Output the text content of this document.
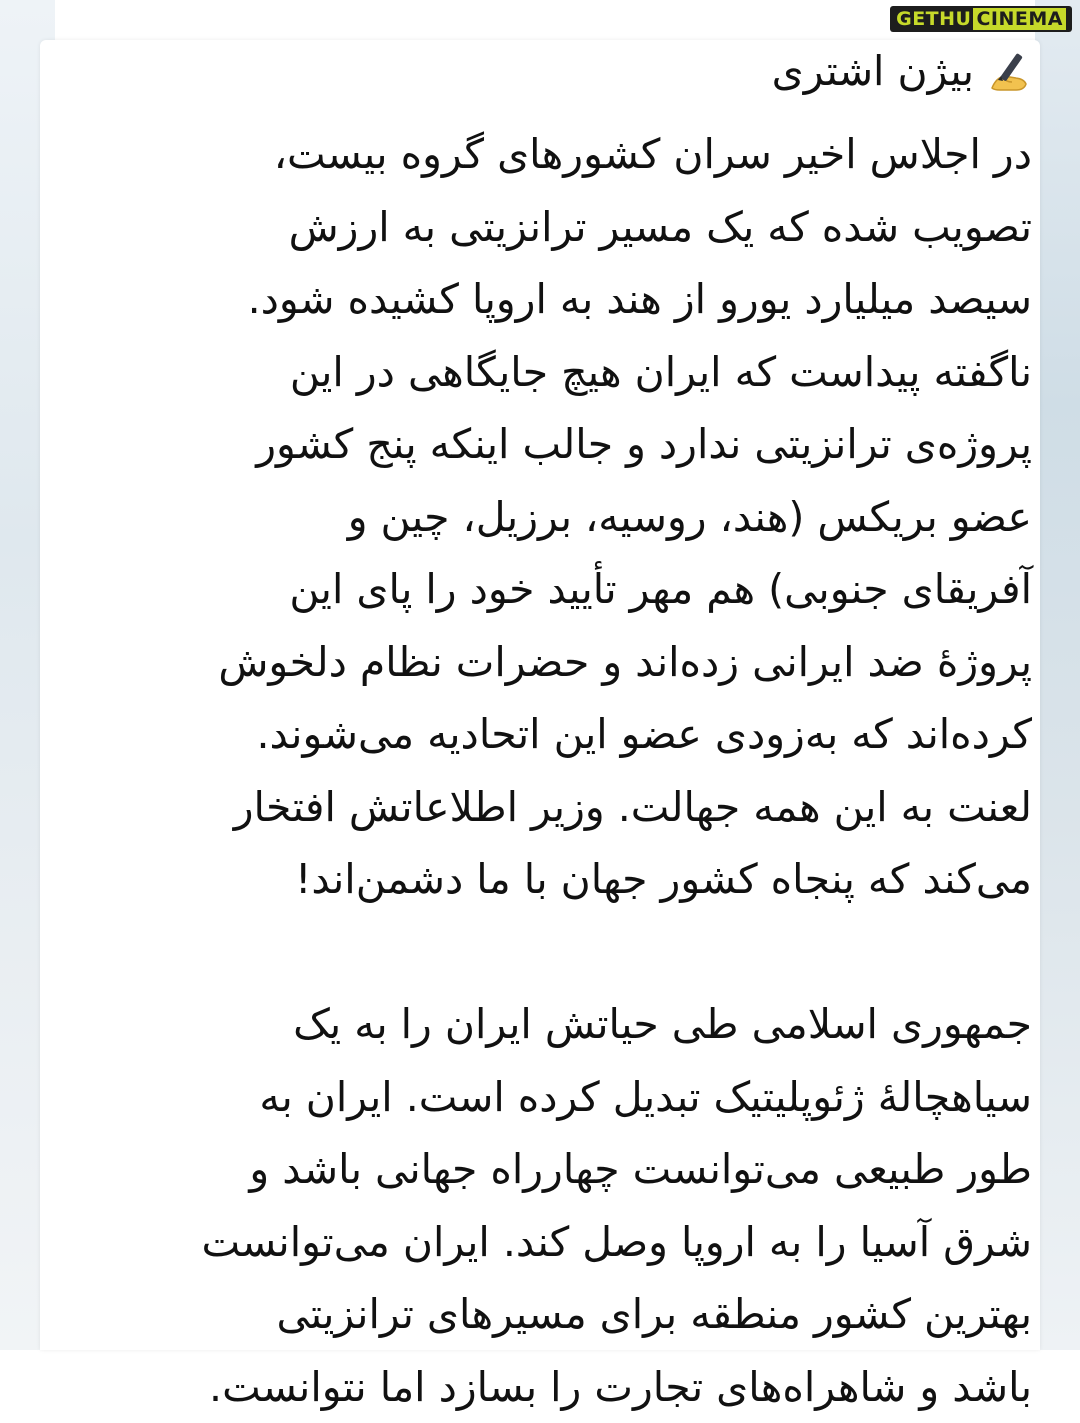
GETHU CINEMA
بیژن اشتری
در اجلاس اخیر سران کشورهای گروه بیست،
تصویب شده که یک مسیر ترانزیتی به ارزش
سیصد میلیارد یورو از هند به اروپا کشیده شود.
ناگفته پیداست که ایران هیچ جایگاهی در این
پروژه‌ی ترانزیتی ندارد و جالب اینکه پنج کشور
عضو بریکس (هند، روسیه، برزیل، چین و
آفریقای جنوبی) هم مهر تأیید خود را پای این
پروژهٔ ضد ایرانی زده‌اند و حضرات نظام دلخوش
کرده‌اند که به‌زودی عضو این اتحادیه می‌شوند.
لعنت به این همه جهالت. وزیر اطلاعاتش افتخار
می‌کند که پنجاه کشور جهان با ما دشمن‌اند!
جمهوری اسلامی طی حیاتش ایران را به یک
سیاهچالهٔ ژئوپلیتیک تبدیل کرده است. ایران به
طور طبیعی می‌توانست چهارراه جهانی باشد و
شرق آسیا را به اروپا وصل کند. ایران می‌توانست
بهترین کشور منطقه برای مسیرهای ترانزیتی
باشد و شاهراه‌های تجارت را بسازد اما نتوانست.
